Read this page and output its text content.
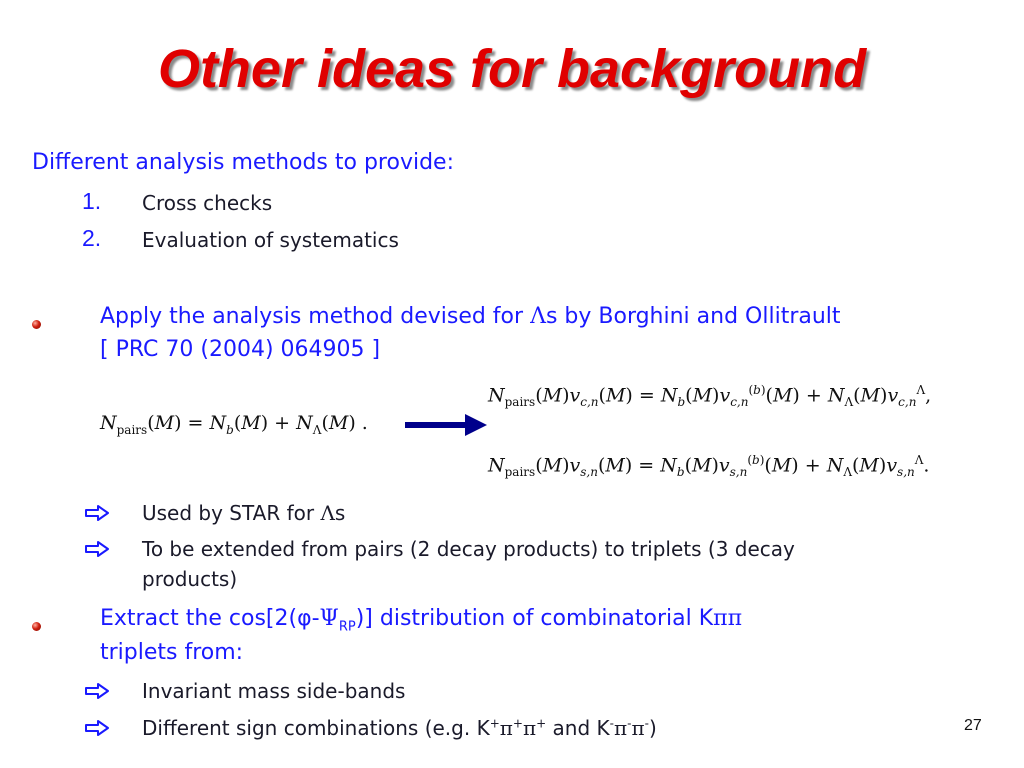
Other ideas for background
Different analysis methods to provide:
1. Cross checks
2. Evaluation of systematics
Apply the analysis method devised for Λs by Borghini and Ollitrault
[ PRC 70 (2004) 064905 ]
$N_{pairs}(M) = N_b(M) + N_\Lambda(M)$ .
$N_{pairs}(M)v_{c,n}(M) = N_b(M)v_{c,n}^{(b)}(M) + N_\Lambda(M)v_{c,n}^\Lambda$,
$N_{pairs}(M)v_{s,n}(M) = N_b(M)v_{s,n}^{(b)}(M) + N_\Lambda(M)v_{s,n}^\Lambda$.
Used by STAR for Λs
To be extended from pairs (2 decay products) to triplets (3 decay
products)
Extract the $\cos[2(\varphi-\Psi_{RP})]$ distribution of combinatorial Kππ
triplets from:
Invariant mass side-bands
Different sign combinations (e.g. K+π+π+ and K-π-π-)	27
